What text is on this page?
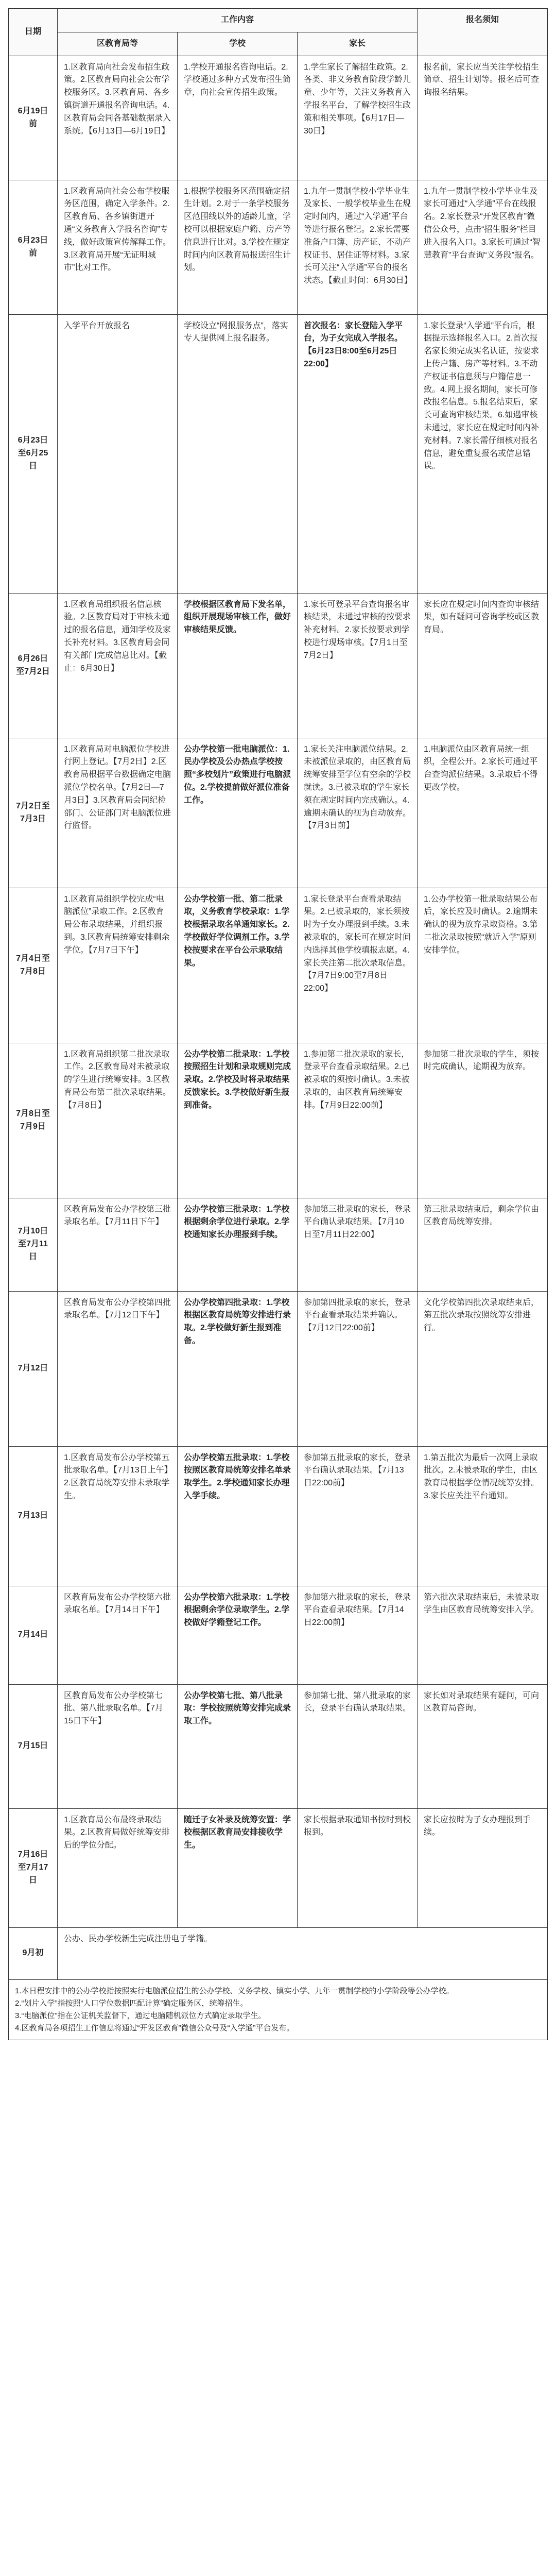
日期	工作内容			报名须知
	区教育局等	学校	家长	
6月19日前	1.区教育局向社会发布招生政策。2.区教育局向社会公布学校服务区。3.区教育局、各乡镇街道开通报名咨询电话。4.区教育局会同各基础数据录入系统。【6月13日—6月19日】	1.学校开通报名咨询电话。2.学校通过多种方式发布招生简章，向社会宣传招生政策。	1.学生家长了解招生政策。2.各类、非义务教育阶段学龄儿童、少年等，关注义务教育入学报名平台，了解学校招生政策和相关事项。【6月17日—30日】	报名前，家长应当关注学校招生简章、招生计划等。报名后可查询报名结果。
6月23日前	1.区教育局向社会公布学校服务区范围，确定入学条件。2.区教育局、各乡镇街道开通“义务教育入学报名咨询”专线，做好政策宣传解释工作。3.区教育局开展“无证明城市”比对工作。	1.根据学校服务区范围确定招生计划。2.对于一条学校服务区范围线以外的适龄儿童，学校可以根据家庭户籍、房产等信息进行比对。3.学校在规定时间内向区教育局报送招生计划。	1.九年一贯制学校小学毕业生及家长、一般学校毕业生在规定时间内，通过“入学通”平台等进行报名登记。2.家长需要准备户口簿、房产证、不动产权证书、居住证等材料。3.家长可关注“入学通”平台的报名状态。【截止时间：6月30日】	1.九年一贯制学校小学毕业生及家长可通过“入学通”平台在线报名。2.家长登录“开发区教育”微信公众号，点击“招生服务”栏目进入报名入口。3.家长可通过“智慧教育”平台查询“义务段”报名。
6月23日至6月25日	入学平台开放报名	学校设立“网报服务点”，落实专人提供网上报名服务。	首次报名：家长登陆入学平台，为子女完成入学报名。【6月23日8:00至6月25日22:00】	1.家长登录“入学通”平台后，根据提示选择报名入口。2.首次报名家长须完成实名认证，按要求上传户籍、房产等材料。3.不动产权证书信息须与户籍信息一致。4.网上报名期间，家长可修改报名信息。5.报名结束后，家长可查询审核结果。6.如遇审核未通过，家长应在规定时间内补充材料。7.家长需仔细核对报名信息，避免重复报名或信息错误。
6月26日至7月2日	1.区教育局组织报名信息核验。2.区教育局对于审核未通过的报名信息，通知学校及家长补充材料。3.区教育局会同有关部门完成信息比对。【截止：6月30日】	学校根据区教育局下发名单，组织开展现场审核工作，做好审核结果反馈。	1.家长可登录平台查询报名审核结果，未通过审核的按要求补充材料。2.家长按要求到学校进行现场审核。【7月1日至7月2日】	家长应在规定时间内查询审核结果，如有疑问可咨询学校或区教育局。
7月2日至7月3日	1.区教育局对电脑派位学校进行网上登记。【7月2日】2.区教育局根据平台数据确定电脑派位学校名单。【7月2日—7月3日】3.区教育局会同纪检部门、公证部门对电脑派位进行监督。	公办学校第一批电脑派位：1.民办学校及公办热点学校按照“多校划片”政策进行电脑派位。2.学校提前做好派位准备工作。	1.家长关注电脑派位结果。2.未被派位录取的，由区教育局统筹安排至学位有空余的学校就读。3.已被录取的学生家长须在规定时间内完成确认。4.逾期未确认的视为自动放弃。【7月3日前】	1.电脑派位由区教育局统一组织，全程公开。2.家长可通过平台查询派位结果。3.录取后不得更改学校。
7月4日至7月8日	1.区教育局组织学校完成“电脑派位”录取工作。2.区教育局公布录取结果，并组织报到。3.区教育局统筹安排剩余学位。【7月7日下午】	公办学校第一批、第二批录取，义务教育学校录取：1.学校根据录取名单通知家长。2.学校做好学位调剂工作。3.学校按要求在平台公示录取结果。	1.家长登录平台查看录取结果。2.已被录取的，家长须按时为子女办理报到手续。3.未被录取的，家长可在规定时间内选择其他学校填报志愿。4.家长关注第二批次录取信息。【7月7日9:00至7月8日22:00】	1.公办学校第一批录取结果公布后，家长应及时确认。2.逾期未确认的视为放弃录取资格。3.第二批次录取按照“就近入学”原则安排学位。
7月8日至7月9日	1.区教育局组织第二批次录取工作。2.区教育局对未被录取的学生进行统筹安排。3.区教育局公布第二批次录取结果。【7月8日】	公办学校第二批录取：1.学校按照招生计划和录取规则完成录取。2.学校及时将录取结果反馈家长。3.学校做好新生报到准备。	1.参加第二批次录取的家长，登录平台查看录取结果。2.已被录取的须按时确认。3.未被录取的，由区教育局统筹安排。【7月9日22:00前】	参加第二批次录取的学生，须按时完成确认，逾期视为放弃。
7月10日至7月11日	区教育局发布公办学校第三批录取名单。【7月11日下午】	公办学校第三批录取：1.学校根据剩余学位进行录取。2.学校通知家长办理报到手续。	参加第三批录取的家长，登录平台确认录取结果。【7月10日至7月11日22:00】	第三批录取结束后，剩余学位由区教育局统筹安排。
7月12日	区教育局发布公办学校第四批录取名单。【7月12日下午】	公办学校第四批录取：1.学校根据区教育局统筹安排进行录取。2.学校做好新生报到准备。	参加第四批录取的家长，登录平台查看录取结果并确认。【7月12日22:00前】	文化学校第四批次录取结束后，第五批次录取按照统筹安排进行。
7月13日	1.区教育局发布公办学校第五批录取名单。【7月13日上午】2.区教育局统筹安排未录取学生。	公办学校第五批录取：1.学校按照区教育局统筹安排名单录取学生。2.学校通知家长办理入学手续。	参加第五批录取的家长，登录平台确认录取结果。【7月13日22:00前】	1.第五批次为最后一次网上录取批次。2.未被录取的学生，由区教育局根据学位情况统筹安排。3.家长应关注平台通知。
7月14日	区教育局发布公办学校第六批录取名单。【7月14日下午】	公办学校第六批录取：1.学校根据剩余学位录取学生。2.学校做好学籍登记工作。	参加第六批录取的家长，登录平台查看录取结果。【7月14日22:00前】	第六批次录取结束后，未被录取学生由区教育局统筹安排入学。
7月15日	区教育局发布公办学校第七批、第八批录取名单。【7月15日下午】	公办学校第七批、第八批录取：学校按照统筹安排完成录取工作。	参加第七批、第八批录取的家长，登录平台确认录取结果。	家长如对录取结果有疑问，可向区教育局咨询。
7月16日至7月17日	1.区教育局公布最终录取结果。2.区教育局做好统筹安排后的学位分配。	随迁子女补录及统筹安置：学校根据区教育局安排接收学生。	家长根据录取通知书按时到校报到。	家长应按时为子女办理报到手续。
9月初	公办、民办学校新生完成注册电子学籍。			

1.本日程安排中的公办学校指按照实行电脑派位招生的公办学校、义务学校、镇实小学、九年一贯制学校的小学阶段等公办学校。
2.“划片入学”指按照“人口学位数据匹配计算”确定服务区，统筹招生。
3.“电脑派位”指在公证机关监督下，通过电脑随机派位方式确定录取学生。
4.区教育局各项招生工作信息将通过“开发区教育”微信公众号及“入学通”平台发布。				
